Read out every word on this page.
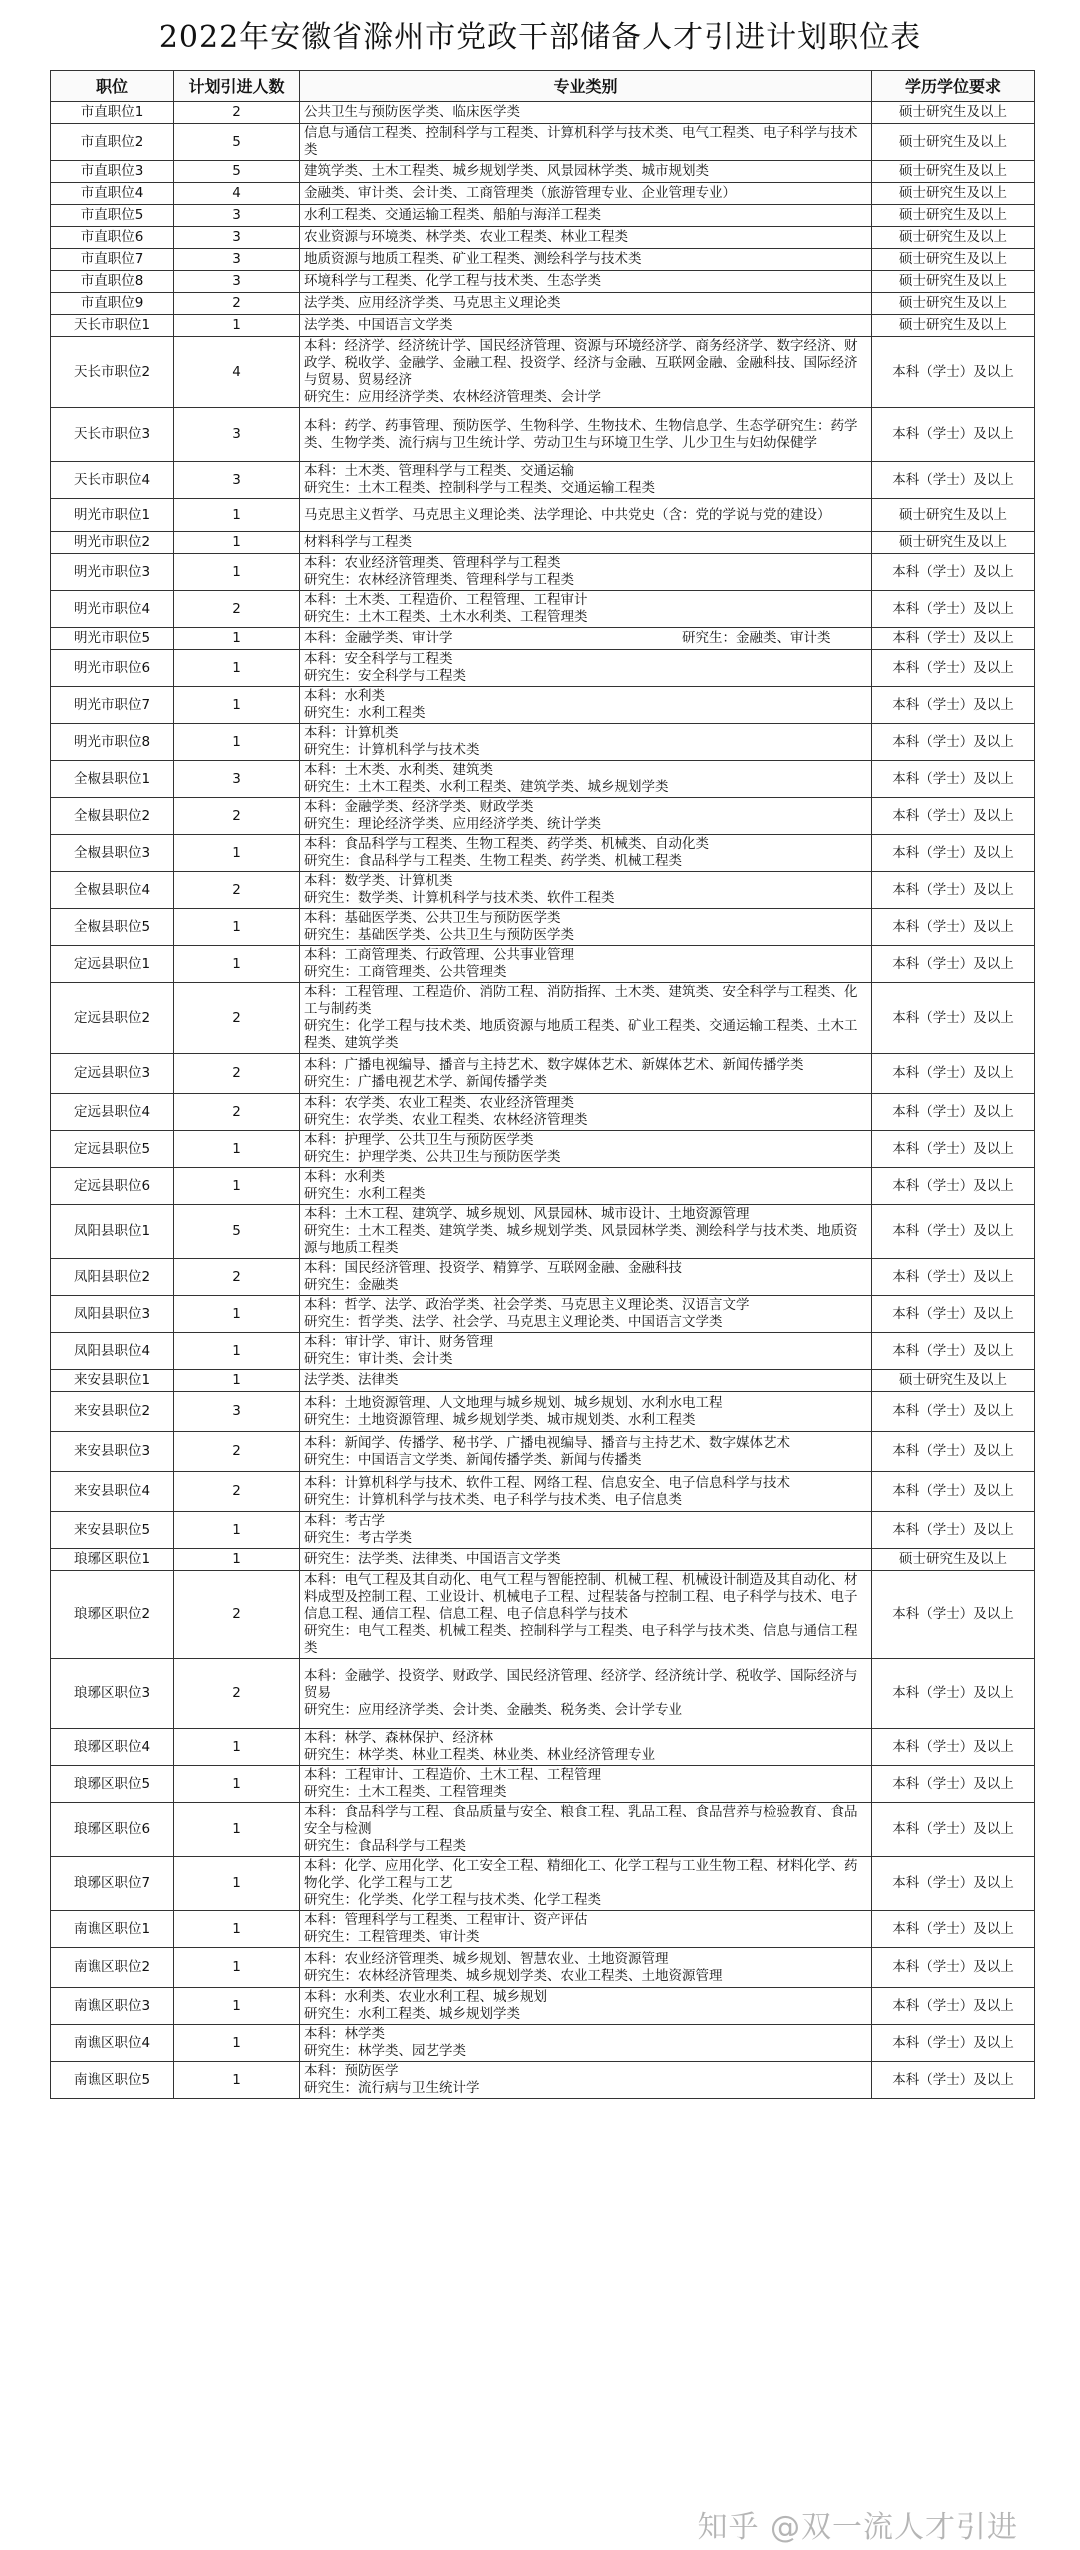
2022年安徽省滁州市党政干部储备人才引进计划职位表
职位	计划引进人数	专业类别	学历学位要求
市直职位1	2	公共卫生与预防医学类、临床医学类	硕士研究生及以上
市直职位2	5	信息与通信工程类、控制科学与工程类、计算机科学与技术类、电气工程类、电子科学与技术类	硕士研究生及以上
市直职位3	5	建筑学类、土木工程类、城乡规划学类、风景园林学类、城市规划类	硕士研究生及以上
市直职位4	4	金融类、审计类、会计类、工商管理类（旅游管理专业、企业管理专业）	硕士研究生及以上
市直职位5	3	水利工程类、交通运输工程类、船舶与海洋工程类	硕士研究生及以上
市直职位6	3	农业资源与环境类、林学类、农业工程类、林业工程类	硕士研究生及以上
市直职位7	3	地质资源与地质工程类、矿业工程类、测绘科学与技术类	硕士研究生及以上
市直职位8	3	环境科学与工程类、化学工程与技术类、生态学类	硕士研究生及以上
市直职位9	2	法学类、应用经济学类、马克思主义理论类	硕士研究生及以上
天长市职位1	1	法学类、中国语言文学类	硕士研究生及以上
天长市职位2	4	本科：经济学、经济统计学、国民经济管理、资源与环境经济学、商务经济学、数字经济、财政学、税收学、金融学、金融工程、投资学、经济与金融、互联网金融、金融科技、国际经济与贸易、贸易经济
研究生：应用经济学类、农林经济管理类、会计学	本科（学士）及以上
天长市职位3	3	本科：药学、药事管理、预防医学、生物科学、生物技术、生物信息学、生态学研究生：药学类、生物学类、流行病与卫生统计学、劳动卫生与环境卫生学、儿少卫生与妇幼保健学	本科（学士）及以上
天长市职位4	3	本科：土木类、管理科学与工程类、交通运输
研究生：土木工程类、控制科学与工程类、交通运输工程类	本科（学士）及以上
明光市职位1	1	马克思主义哲学、马克思主义理论类、法学理论、中共党史（含：党的学说与党的建设）	硕士研究生及以上
明光市职位2	1	材料科学与工程类	硕士研究生及以上
明光市职位3	1	本科：农业经济管理类、管理科学与工程类
研究生：农林经济管理类、管理科学与工程类	本科（学士）及以上
明光市职位4	2	本科：土木类、工程造价、工程管理、工程审计
研究生：土木工程类、土木水利类、工程管理类	本科（学士）及以上
明光市职位5	1	本科：金融学类、审计学　　　　　　　　　　　　　　　　　研究生：金融类、审计类	本科（学士）及以上
明光市职位6	1	本科：安全科学与工程类
研究生：安全科学与工程类	本科（学士）及以上
明光市职位7	1	本科：水利类
研究生：水利工程类	本科（学士）及以上
明光市职位8	1	本科：计算机类
研究生：计算机科学与技术类	本科（学士）及以上
全椒县职位1	3	本科：土木类、水利类、建筑类
研究生：土木工程类、水利工程类、建筑学类、城乡规划学类	本科（学士）及以上
全椒县职位2	2	本科：金融学类、经济学类、财政学类
研究生：理论经济学类、应用经济学类、统计学类	本科（学士）及以上
全椒县职位3	1	本科：食品科学与工程类、生物工程类、药学类、机械类、自动化类
研究生：食品科学与工程类、生物工程类、药学类、机械工程类	本科（学士）及以上
全椒县职位4	2	本科：数学类、计算机类
研究生：数学类、计算机科学与技术类、软件工程类	本科（学士）及以上
全椒县职位5	1	本科：基础医学类、公共卫生与预防医学类
研究生：基础医学类、公共卫生与预防医学类	本科（学士）及以上
定远县职位1	1	本科：工商管理类、行政管理、公共事业管理
研究生：工商管理类、公共管理类	本科（学士）及以上
定远县职位2	2	本科：工程管理、工程造价、消防工程、消防指挥、土木类、建筑类、安全科学与工程类、化工与制药类
研究生：化学工程与技术类、地质资源与地质工程类、矿业工程类、交通运输工程类、土木工程类、建筑学类	本科（学士）及以上
定远县职位3	2	本科：广播电视编导、播音与主持艺术、数字媒体艺术、新媒体艺术、新闻传播学类
研究生：广播电视艺术学、新闻传播学类	本科（学士）及以上
定远县职位4	2	本科：农学类、农业工程类、农业经济管理类
研究生：农学类、农业工程类、农林经济管理类	本科（学士）及以上
定远县职位5	1	本科：护理学、公共卫生与预防医学类
研究生：护理学类、公共卫生与预防医学类	本科（学士）及以上
定远县职位6	1	本科：水利类
研究生：水利工程类	本科（学士）及以上
凤阳县职位1	5	本科：土木工程、建筑学、城乡规划、风景园林、城市设计、土地资源管理
研究生：土木工程类、建筑学类、城乡规划学类、风景园林学类、测绘科学与技术类、地质资源与地质工程类	本科（学士）及以上
凤阳县职位2	2	本科：国民经济管理、投资学、精算学、互联网金融、金融科技
研究生：金融类	本科（学士）及以上
凤阳县职位3	1	本科：哲学、法学、政治学类、社会学类、马克思主义理论类、汉语言文学
研究生：哲学类、法学、社会学、马克思主义理论类、中国语言文学类	本科（学士）及以上
凤阳县职位4	1	本科：审计学、审计、财务管理
研究生：审计类、会计类	本科（学士）及以上
来安县职位1	1	法学类、法律类	硕士研究生及以上
来安县职位2	3	本科：土地资源管理、人文地理与城乡规划、城乡规划、水利水电工程
研究生：土地资源管理、城乡规划学类、城市规划类、水利工程类	本科（学士）及以上
来安县职位3	2	本科：新闻学、传播学、秘书学、广播电视编导、播音与主持艺术、数字媒体艺术
研究生：中国语言文学类、新闻传播学类、新闻与传播类	本科（学士）及以上
来安县职位4	2	本科：计算机科学与技术、软件工程、网络工程、信息安全、电子信息科学与技术
研究生：计算机科学与技术类、电子科学与技术类、电子信息类	本科（学士）及以上
来安县职位5	1	本科：考古学
研究生：考古学类	本科（学士）及以上
琅琊区职位1	1	研究生：法学类、法律类、中国语言文学类	硕士研究生及以上
琅琊区职位2	2	本科：电气工程及其自动化、电气工程与智能控制、机械工程、机械设计制造及其自动化、材料成型及控制工程、工业设计、机械电子工程、过程装备与控制工程、电子科学与技术、电子信息工程、通信工程、信息工程、电子信息科学与技术
研究生：电气工程类、机械工程类、控制科学与工程类、电子科学与技术类、信息与通信工程类	本科（学士）及以上
琅琊区职位3	2	本科：金融学、投资学、财政学、国民经济管理、经济学、经济统计学、税收学、国际经济与贸易
研究生：应用经济学类、会计类、金融类、税务类、会计学专业	本科（学士）及以上
琅琊区职位4	1	本科：林学、森林保护、经济林
研究生：林学类、林业工程类、林业类、林业经济管理专业	本科（学士）及以上
琅琊区职位5	1	本科：工程审计、工程造价、土木工程、工程管理
研究生：土木工程类、工程管理类	本科（学士）及以上
琅琊区职位6	1	本科：食品科学与工程、食品质量与安全、粮食工程、乳品工程、食品营养与检验教育、食品安全与检测
研究生：食品科学与工程类	本科（学士）及以上
琅琊区职位7	1	本科：化学、应用化学、化工安全工程、精细化工、化学工程与工业生物工程、材料化学、药物化学、化学工程与工艺
研究生：化学类、化学工程与技术类、化学工程类	本科（学士）及以上
南谯区职位1	1	本科：管理科学与工程类、工程审计、资产评估
研究生：工程管理类、审计类	本科（学士）及以上
南谯区职位2	1	本科：农业经济管理类、城乡规划、智慧农业、土地资源管理
研究生：农林经济管理类、城乡规划学类、农业工程类、土地资源管理	本科（学士）及以上
南谯区职位3	1	本科：水利类、农业水利工程、城乡规划
研究生：水利工程类、城乡规划学类	本科（学士）及以上
南谯区职位4	1	本科：林学类
研究生：林学类、园艺学类	本科（学士）及以上
南谯区职位5	1	本科：预防医学
研究生：流行病与卫生统计学	本科（学士）及以上
知乎 @双一流人才引进
